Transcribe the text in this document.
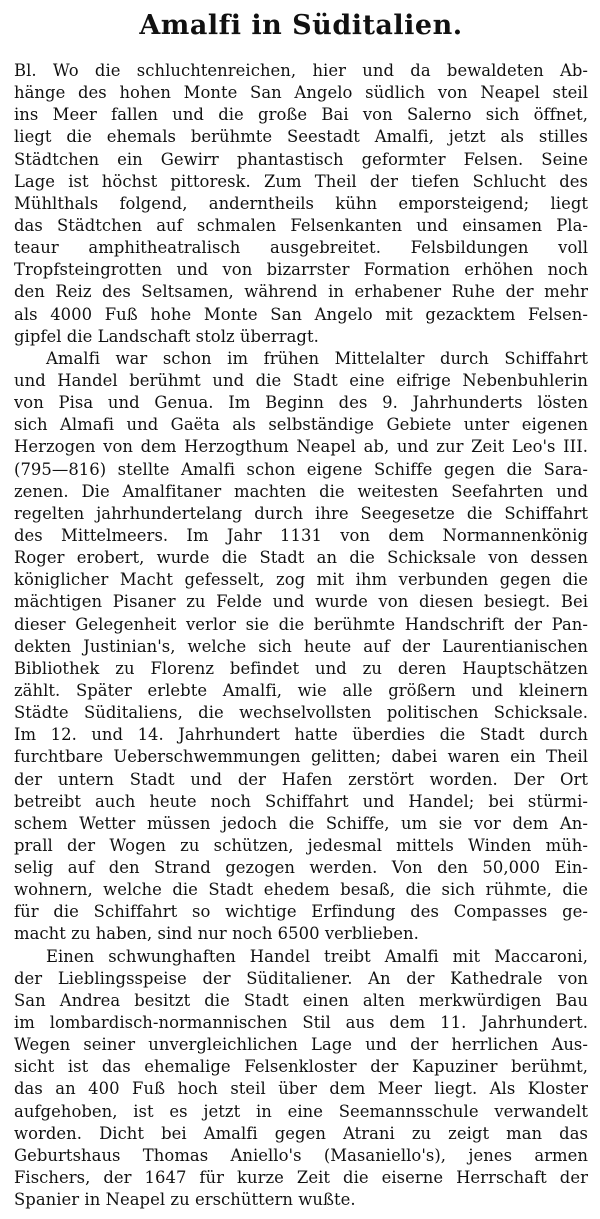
Amalfi in Süditalien.
Bl. Wo die schluchtenreichen, hier und da bewaldeten Ab-
hänge des hohen Monte San Angelo südlich von Neapel steil
ins Meer fallen und die große Bai von Salerno sich öffnet,
liegt die ehemals berühmte Seestadt Amalfi, jetzt als stilles
Städtchen ein Gewirr phantastisch geformter Felsen. Seine
Lage ist höchst pittoresk. Zum Theil der tiefen Schlucht des
Mühlthals folgend, anderntheils kühn emporsteigend; liegt
das Städtchen auf schmalen Felsenkanten und einsamen Pla-
teaur amphitheatralisch ausgebreitet. Felsbildungen voll
Tropfsteingrotten und von bizarrster Formation erhöhen noch
den Reiz des Seltsamen, während in erhabener Ruhe der mehr
als 4000 Fuß hohe Monte San Angelo mit gezacktem Felsen-
gipfel die Landschaft stolz überragt.
Amalfi war schon im frühen Mittelalter durch Schiffahrt
und Handel berühmt und die Stadt eine eifrige Nebenbuhlerin
von Pisa und Genua. Im Beginn des 9. Jahrhunderts lösten
sich Almafi und Gaëta als selbständige Gebiete unter eigenen
Herzogen von dem Herzogthum Neapel ab, und zur Zeit Leo's III.
(795—816) stellte Amalfi schon eigene Schiffe gegen die Sara-
zenen. Die Amalfitaner machten die weitesten Seefahrten und
regelten jahrhundertelang durch ihre Seegesetze die Schiffahrt
des Mittelmeers. Im Jahr 1131 von dem Normannenkönig
Roger erobert, wurde die Stadt an die Schicksale von dessen
königlicher Macht gefesselt, zog mit ihm verbunden gegen die
mächtigen Pisaner zu Felde und wurde von diesen besiegt. Bei
dieser Gelegenheit verlor sie die berühmte Handschrift der Pan-
dekten Justinian's, welche sich heute auf der Laurentianischen
Bibliothek zu Florenz befindet und zu deren Hauptschätzen
zählt. Später erlebte Amalfi, wie alle größern und kleinern
Städte Süditaliens, die wechselvollsten politischen Schicksale.
Im 12. und 14. Jahrhundert hatte überdies die Stadt durch
furchtbare Ueberschwemmungen gelitten; dabei waren ein Theil
der untern Stadt und der Hafen zerstört worden. Der Ort
betreibt auch heute noch Schiffahrt und Handel; bei stürmi-
schem Wetter müssen jedoch die Schiffe, um sie vor dem An-
prall der Wogen zu schützen, jedesmal mittels Winden müh-
selig auf den Strand gezogen werden. Von den 50,000 Ein-
wohnern, welche die Stadt ehedem besaß, die sich rühmte, die
für die Schiffahrt so wichtige Erfindung des Compasses ge-
macht zu haben, sind nur noch 6500 verblieben.
Einen schwunghaften Handel treibt Amalfi mit Maccaroni,
der Lieblingsspeise der Süditaliener. An der Kathedrale von
San Andrea besitzt die Stadt einen alten merkwürdigen Bau
im lombardisch-normannischen Stil aus dem 11. Jahrhundert.
Wegen seiner unvergleichlichen Lage und der herrlichen Aus-
sicht ist das ehemalige Felsenkloster der Kapuziner berühmt,
das an 400 Fuß hoch steil über dem Meer liegt. Als Kloster
aufgehoben, ist es jetzt in eine Seemannsschule verwandelt
worden. Dicht bei Amalfi gegen Atrani zu zeigt man das
Geburtshaus Thomas Aniello's (Masaniello's), jenes armen
Fischers, der 1647 für kurze Zeit die eiserne Herrschaft der
Spanier in Neapel zu erschüttern wußte.
